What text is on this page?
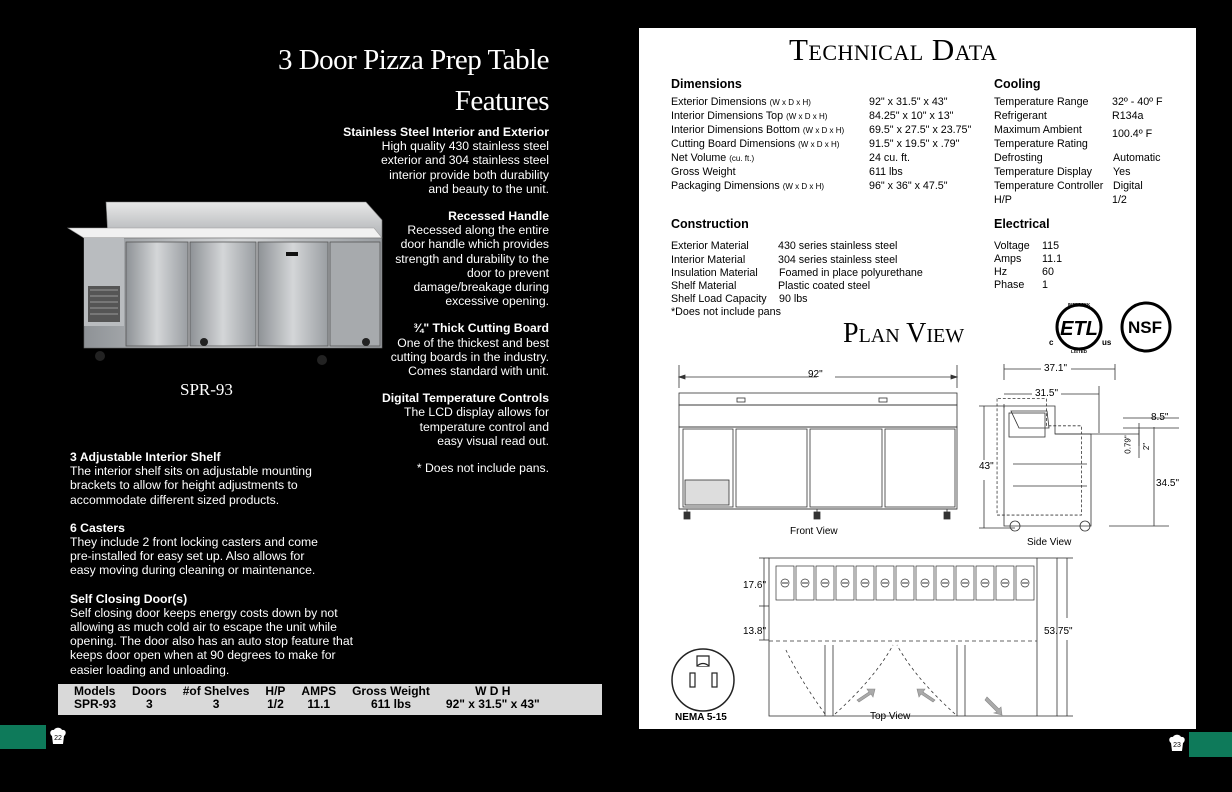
3 Door Pizza Prep Table
Features
Stainless Steel Interior and Exterior
High quality 430 stainless steel
exterior and 304 stainless steel
interior provide both durability
and beauty to the unit.
Recessed Handle
Recessed along the entire
door handle which provides
strength and durability to the
door to prevent
damage/breakage during
excessive opening.
¾" Thick Cutting Board
One of the thickest and best
cutting boards in the industry.
Comes standard with unit.
Digital Temperature Controls
The LCD display allows for
temperature control and
easy visual read out.
* Does not include pans.
SPR-93
3 Adjustable Interior Shelf
The interior shelf sits on adjustable mounting
brackets to allow for height adjustments to
accommodate different sized products.
6 Casters
They include 2 front locking casters and come
pre-installed for easy set up. Also allows for
easy moving during cleaning or maintenance.
Self Closing Door(s)
Self closing door keeps energy costs down by not
allowing as much cold air to escape the unit while
opening. The door also has an auto stop feature that
keeps door open when at 90 degrees to make for
easier loading and unloading.
Models	Doors	#of Shelves	H/P	AMPS	Gross Weight	W D H
SPR-93	3	3	1/2	11.1	611 lbs	92" x 31.5" x 43"
22
Technical Data
Dimensions
Exterior Dimensions (W x D x H)	92" x 31.5" x 43"
Interior Dimensions Top (W x D x H)	84.25" x 10" x 13"
Interior Dimensions Bottom (W x D x H) 69.5" x 27.5" x 23.75"
Cutting Board Dimensions (W x D x H)	91.5" x 19.5" x .79"
Net Volume (cu. ft.)	24 cu. ft.
Gross Weight	611 lbs
Packaging Dimensions (W x D x H)	96" x 36" x 47.5"
Cooling
Temperature Range 32º - 40º F
Refrigerant	R134a
Maximum Ambient	100.4º F
Temperature Rating
Defrosting	Automatic
Temperature Display Yes
Temperature Controller Digital
H/P	1/2
Construction
Exterior Material	430 series stainless steel
Interior Material	304 series stainless steel
Insulation Material Foamed in place polyurethane
Shelf Material	Plastic coated steel
Shelf Load Capacity 90 lbs
*Does not include pans
Electrical
Voltage 115
Amps 11.1
Hz	60
Phase 1
Plan View	ETL
INTERTEK
LISTED
c	us
NSF
92"
43"
Front View
37.1"
31.5"
8.5"
0.79" 2"
34.5"
Side View
17.6"
13.8"	53.75"
Top View
NEMA 5-15
23
